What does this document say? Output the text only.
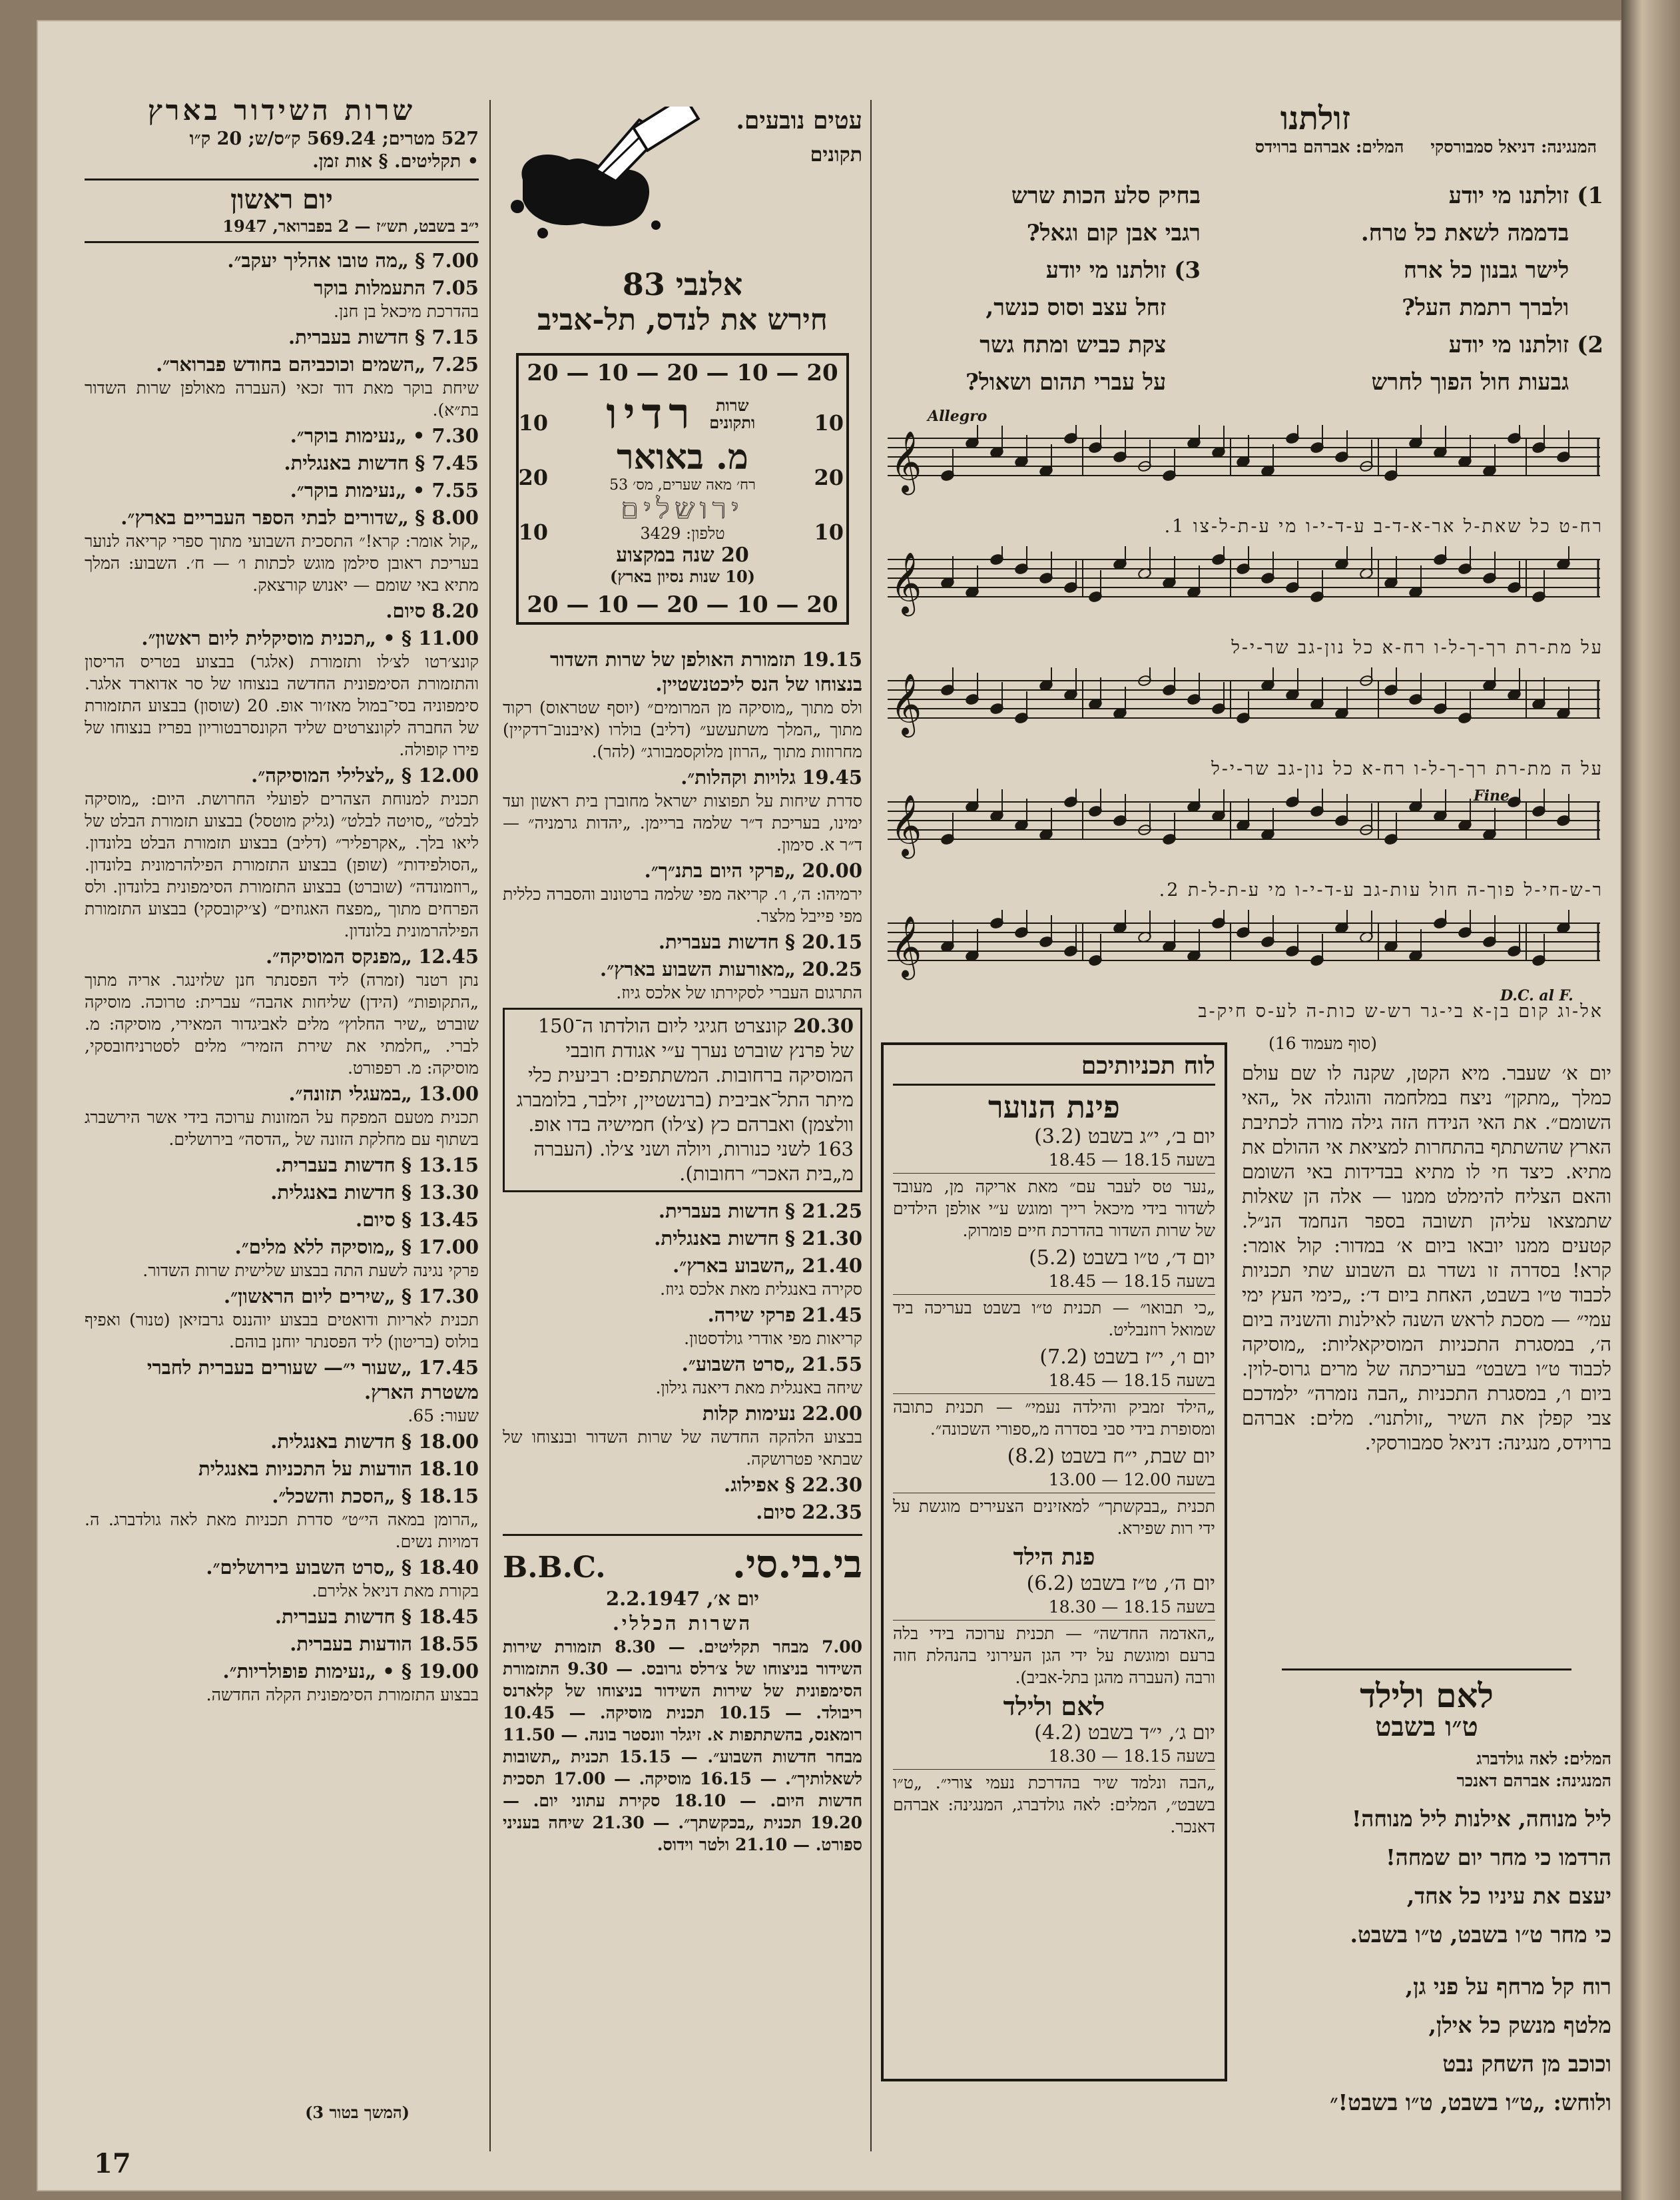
שרות השידור בארץ
527 מטרים; 569.24 ק״ס/ש; 20 ק״ו
• תקליטים. § אות זמן.
יום ראשון
י״ב בשבט, תש״ז — 2 בפברואר, 1947
7.00 § „מה טובו אהליך יעקב״.
7.05 התעמלות בוקר
בהדרכת מיכאל בן חנן.
7.15 § חדשות בעברית.
7.25 „השמים וכוכביהם בחודש פברואר״.
שיחת בוקר מאת דוד זכאי (העברה מאולפן שרות השדור בת״א).
7.30 • „נעימות בוקר״.
7.45 § חדשות באנגלית.
7.55 • „נעימות בוקר״.
8.00 § „שדורים לבתי הספר העבריים בארץ״.
„קול אומר: קרא!״ התסכית השבועי מתוך ספרי קריאה לנוער בעריכת ראובן סילמן מוגש לכתות ו׳ — ח׳. השבוע: המלך מתיא באי שומם — יאנוש קורצאק.
8.20 סיום.
11.00 § • „תכנית מוסיקלית ליום ראשון״.
קונצ׳רטו לצ׳לו ותזמורת (אלגר) בבצוע בטריס הריסון והתזמורת הסימפונית החדשה בנצוחו של סר אדוארד אלגר. סימפוניה בסי־במול מאז׳ור אופ. 20 (שוסון) בבצוע התזמורת של החברה לקונצרטים שליד הקונסרבטוריון בפריז בנצוחו של פירו קופולה.
12.00 § „לצלילי המוסיקה״.
תכנית למנוחת הצהרים לפועלי החרושת. היום: „מוסיקה לבלט״ „סויטה לבלט״ (גליק מוטסל) בבצוע תזמורת הבלט של ליאו בלך. „אקרפליר״ (דליב) בבצוע תזמורת הבלט בלונדון. „הסולפידות״ (שופן) בבצוע התזמורת הפילהרמונית בלונדון. „רוזמונדה״ (שוברט) בבצוע התזמורת הסימפונית בלונדון. ולס הפרחים מתוך „מפצח האגוזים״ (צ׳יקובסקי) בבצוע התזמורת הפילהרמונית בלונדון.
12.45 „מפנקס המוסיקה״.
נתן רטנר (זמרה) ליד הפסנתר חנן שלזינגר. אריה מתוך „התקופות״ (הידן) שליחות אהבה״ עברית: טרוכה. מוסיקה שוברט „שיר החלוץ״ מלים לאביגדור המאירי, מוסיקה: מ. לברי. „חלמתי את שירת הזמיר״ מלים לסטרניחובסקי, מוסיקה: מ. רפפורט.
13.00 „במעגלי תזונה״.
תכנית מטעם המפקח על המזונות ערוכה בידי אשר הירשברג בשתוף עם מחלקת הזונה של „הדסה״ בירושלים.
13.15 § חדשות בעברית.
13.30 § חדשות באנגלית.
13.45 § סיום.
17.00 § „מוסיקה ללא מלים״.
פרקי נגינה לשעת התה בבצוע שלישית שרות השדור.
17.30 § „שירים ליום הראשון״.
תכנית לאריות ודואטים בבצוע יוהננס גרבזיאן (טנור) ואפיף בולוס (בריטון) ליד הפסנתר יוחנן בוהם.
17.45 „שעור י״— שעורים בעברית לחברי משטרת הארץ.
שעור: 65.
18.00 § חדשות באנגלית.
18.10 הודעות על התכניות באנגלית
18.15 § „הסכת והשכל״.
„הרומן במאה הי״ט״ סדרת תכניות מאת לאה גולדברג. ה. דמויות נשים.
18.40 § „סרט השבוע בירושלים״.
בקורת מאת דניאל אלירם.
18.45 § חדשות בעברית.
18.55 הודעות בעברית.
19.00 § • „נעימות פופולריות״.
בבצוע התזמורת הסימפונית הקלה החדשה.
17
(המשך בטור 3)
עטים נובעים.
תקונים
אלנבי 83
חירש את לנדס, תל-אביב
20 — 10 — 20 — 10 — 20
20 — 10 — 20 — 10 — 20
10 20 10
10 20 10
שרות ותקונים
רדיו
מ. באואר
רח׳ מאה שערים, מס׳ 53
ירושלים
טלפון: 3429
20 שנה במקצוע
(10 שנות נסיון בארץ)
19.15 תזמורת האולפן של שרות השדור בנצוחו של הנס ליכטנשטיין.
ולס מתוך „מוסיקה מן המרומים״ (יוסף שטראוס) רקוד מתוך „המלך משתעשע״ (דליב) בולרו (איבנוב־רדקיין) מחרוזות מתוך „הרוזן מלוקסמבורג״ (להר).
19.45 גלויות וקהלות״.
סדרת שיחות על תפוצות ישראל מחוברן בית ראשון ועד ימינו, בעריכת ד״ר שלמה בריימן. „יהדות גרמניה״ — ד״ר א. סימון.
20.00 „פרקי היום בתנ״ך״.
ירמיהו: ה׳, ו׳. קריאה מפי שלמה ברטונוב והסברה כללית מפי פייבל מלצר.
20.15 § חדשות בעברית.
20.25 „מאורעות השבוע בארץ״.
התרגום העברי לסקירתו של אלכס גיוז.
20.30 קונצרט חגיגי ליום הולדתו ה־150 של פרנץ שוברט נערך ע״י אגודת חובבי המוסיקה ברחובות. המשתתפים: רביעית כלי מיתר התל־אביבית (ברנשטיין, זילבר, בלומברג וולצמן) ואברהם כץ (צ׳לו) חמישיה בדו אופ. 163 לשני כנורות, ויולה ושני צ׳לו. (העברה מ„בית האכר״ רחובות).
21.25 § חדשות בעברית.
21.30 § חדשות באנגלית.
21.40 „השבוע בארץ״.
סקירה באנגלית מאת אלכס גיוז.
21.45 פרקי שירה.
קריאות מפי אודרי גולדסטון.
21.55 „סרט השבוע״.
שיחה באנגלית מאת דיאנה גילון.
22.00 נעימות קלות
בבצוע הלהקה החדשה של שרות השדור ובנצוחו של שבתאי פטרושקה.
22.30 § אפילוג.
22.35 סיום.
בי.בי.סי.
B.B.C.
יום א׳, 2.2.1947
השרות הכללי.
7.00 מבחר תקליטים. — 8.30 תזמורת שירות השידור בניצוחו של צ׳רלס גרובס. — 9.30 התזמורת הסימפונית של שירות השידור בניצוחו של קלארנס ריבולד. — 10.15 תכנית מוסיקה. — 10.45 רומאנס, בהשתתפות א. זיגלר וונסטר בונה. — 11.50 מבחר חדשות השבוע״. — 15.15 תכנית „תשובות לשאלותיך״. — 16.15 מוסיקה. — 17.00 תסכית חדשות היום. — 18.10 סקירת עתוני יום. — 19.20 תכנית „בכקשתך״. — 21.30 שיחה בעניני ספורט. — 21.10 ולטר וידוס.
זולתנו
המנגינה: דניאל סמבורסקי
המלים: אברהם ברוידס
1)
זולתנו מי יודע
בדממה לשאת כל טרח.
לישר גבנון כל ארח
ולברך רתמת העל?
2)
זולתנו מי יודע
גבעות חול הפוך לחרש
בחיק סלע הכות שרש
רגבי אבן קום וגאל?
3)
זולתנו מי יודע
זחל עצב וסוס כנשר,
צקת כביש ומתח גשר
על עברי תהום ושאול?
Allegro
𝄞
רח-ט כל שאת-ל אר-א-ד-ב ע-ד-י-ו מי ע-ת-ל-צו 1.
𝄞
על מת-רת רך-ך-ל-ו רח-א כל נון-גב שר-י-ל
𝄞
על ה מת-רת רך-ך-ל-ו רח-א כל נון-גב שר-י-ל
𝄞
ר-ש-חי-ל פוך-ה חול עות-גב ע-ד-י-ו מי ע-ת-ל-ת 2.
𝄞
אל-וג קום בן-א בי-גר רש-ש כות-ה לע-ס חיק-ב
Fine
D.C. al F.
(סוף מעמוד 16)
יום א׳ שעבר. מיא הקטן, שקנה לו שם עולם כמלך „מתקן״ ניצח במלחמה והוגלה אל „האי השומם״. את האי הנידח הזה גילה מורה לכתיבת הארץ שהשתתף בהתחרות למציאת אי ההולם את מתיא. כיצד חי לו מתיא בבדידות באי השומם והאם הצליח להימלט ממנו — אלה הן שאלות שתמצאו עליהן תשובה בספר הנחמד הנ״ל. קטעים ממנו יובאו ביום א׳ במדור: קול אומר: קרא! בסדרה זו נשדר גם השבוע שתי תכניות לכבוד ט״ו בשבט, האחת ביום ד׳: „כימי העץ ימי עמי״ — מסכת לראש השנה לאילנות והשניה ביום ה׳, במסגרת התכניות המוסיקאליות: „מוסיקה לכבוד ט״ו בשבט״ בעריכתה של מרים גרוס-לוין. ביום ו׳, במסגרת התכניות „הבה נזמרה״ ילמדכם צבי קפלן את השיר „זולתנו״. מלים: אברהם ברוידס, מנגינה: דניאל סמבורסקי.
לאם ולילד
ט״ו בשבט
המלים: לאה גולדברג
המנגינה: אברהם דאנכר
ליל מנוחה, אילנות ליל מנוחה!
הרדמו כי מחר יום שמחה!
יעצם את עיניו כל אחד,
כי מחר ט״ו בשבט, ט״ו בשבט.
רוח קל מרחף על פני גן,
מלטף מנשק כל אילן,
וכוכב מן השחק נבט
ולוחש: „ט״ו בשבט, ט״ו בשבט!״
לוח תכניותיכם
פינת הנוער
יום ב׳, י״ג בשבט (3.2)
בשעה 18.15 — 18.45
„נער טס לעבר עם״ מאת אריקה מן, מעובד לשדור בידי מיכאל רייך ומוגש ע״י אולפן הילדים של שרות השדור בהדרכת חיים פומרוק.
יום ד׳, ט״ו בשבט (5.2)
בשעה 18.15 — 18.45
„כי תבואו״ — תכנית ט״ו בשבט בעריכה ביד שמואל רוזנבליט.
יום ו׳, י״ז בשבט (7.2)
בשעה 18.15 — 18.45
„הילד זמביק והילדה נעמי״ — תכנית כתובה ומסופרת בידי סבי בסדרה מ„ספורי השכונה״.
יום שבת, י״ח בשבט (8.2)
בשעה 12.00 — 13.00
תכנית „בבקשתך״ למאזינים הצעירים מוגשת על ידי רות שפירא.
פנת הילד
יום ה׳, ט״ז בשבט (6.2)
בשעה 18.15 — 18.30
„האדמה החדשה״ — תכנית ערוכה בידי בלה ברעם ומוגשת על ידי הגן העירוני בהנהלת חוה ורבה (העברה מהגן בתל-אביב).
לאם ולילד
יום ג׳, י״ד בשבט (4.2)
בשעה 18.15 — 18.30
„הבה ונלמד שיר בהדרכת נעמי צורי״. „ט״ו בשבט״, המלים: לאה גולדברג, המנגינה: אברהם דאנכר.
